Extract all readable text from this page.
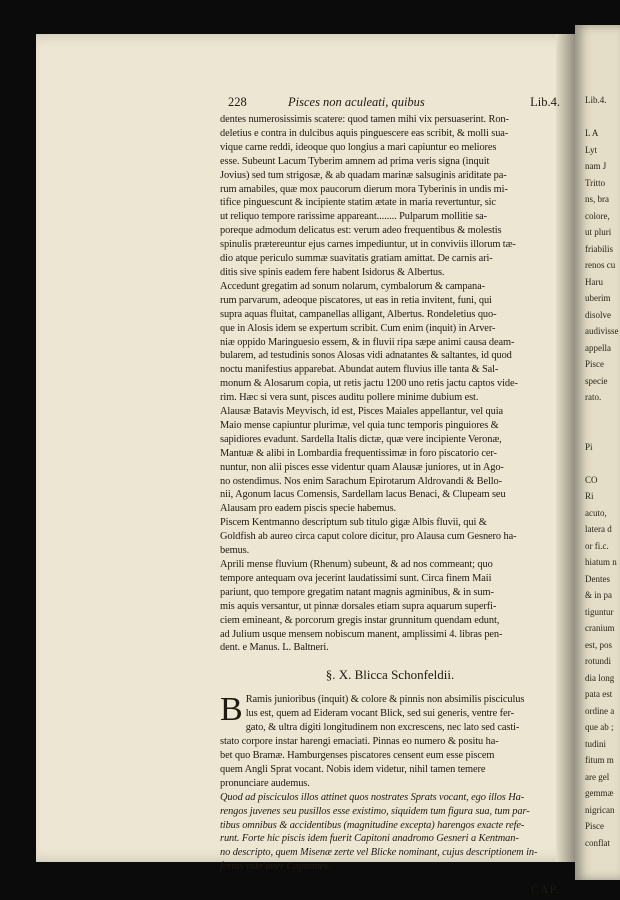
Lib.4.
L A
Lyt
nam J
Tritto
ns, bra
colore,
ut pluri
friabilis
renos cu
Haru
uberim
disolve
audivisse
appella
Pisce
specie
rato.
Pi
CO
Ri
acuto,
latera d
or fi.c.
hiatum n
Dentes
& in pa
tiguntur
cranium
est, pos
rotundi
dia long
pata est
ordine a
que ab ;
tudini
fitum m
are gel
gemmæ
nigrican
Pisce
conflat
228	Pisces non aculeati, quibus	Lib.4.
dentes numerosissimis scatere: quod tamen mihi vix persuaserint. Ron-
deletius e contra in dulcibus aquis pinguescere eas scribit, & molli sua-
vique carne reddi, ideoque quo longius a mari capiuntur eo meliores
esse. Subeunt Lacum Tyberim amnem ad prima veris signa (inquit
Jovius) sed tum strigosæ, & ab quadam marinæ salsuginis ariditate pa-
rum amabiles, quæ mox paucorum dierum mora Tyberinis in undis mi-
tifice pinguescunt & incipiente statim ætate in maria revertuntur, sic
ut reliquo tempore rarissime appareant........ Pulparum mollitie sa-
poreque admodum delicatus est: verum adeo frequentibus & molestis
spinulis prætereuntur ejus carnes impediuntur, ut in conviviis illorum tæ-
dio atque periculo summæ suavitatis gratiam amittat. De carnis ari-
ditis sive spinis eadem fere habent Isidorus & Albertus.
Accedunt gregatim ad sonum nolarum, cymbalorum & campana-
rum parvarum, adeoque piscatores, ut eas in retia invitent, funi, qui
supra aquas fluitat, campanellas alligant, Albertus. Rondeletius quo-
que in Alosis idem se expertum scribit. Cum enim (inquit) in Arver-
niæ oppido Maringuesio essem, & in fluvii ripa sæpe animi causa deam-
bularem, ad testudinis sonos Alosas vidi adnatantes & saltantes, id quod
noctu manifestius apparebat. Abundat autem fluvius ille tanta & Sal-
monum & Alosarum copia, ut retis jactu 1200 uno retis jactu captos vide-
rim. Hæc si vera sunt, pisces auditu pollere minime dubium est.
Alausæ Batavis Meyvisch, id est, Pisces Maiales appellantur, vel quia
Maio mense capiuntur plurimæ, vel quia tunc temporis pinguiores &
sapidiores evadunt. Sardella Italis dictæ, quæ vere incipiente Veronæ,
Mantuæ & alibi in Lombardia frequentissimæ in foro piscatorio cer-
nuntur, non alii pisces esse videntur quam Alausæ juniores, ut in Ago-
no ostendimus. Nos enim Sarachum Epirotarum Aldrovandi & Bello-
nii, Agonum lacus Comensis, Sardellam lacus Benaci, & Clupeam seu
Alausam pro eadem piscis specie habemus.
Piscem Kentmanno descriptum sub titulo gigæ Albis fluvii, qui &
Goldfish ab aureo circa caput colore dicitur, pro Alausa cum Gesnero ha-
bemus.
Aprili mense fluvium (Rhenum) subeunt, & ad nos commeant; quo
tempore antequam ova jecerint laudatissimi sunt. Circa finem Maii
pariunt, quo tempore gregatim natant magnis agminibus, & in sum-
mis aquis versantur, ut pinnæ dorsales etiam supra aquarum superfi-
ciem emineant, & porcorum gregis instar grunnitum quendam edunt,
ad Julium usque mensem nobiscum manent, amplissimi 4. libras pen-
dent. e Manus. L. Baltneri.
§. X. Blicca Schonfeldii.
B Ramis junioribus (inquit) & colore & pinnis non absimilis pisciculus
lus est, quem ad Eideram vocant Blick, sed sui generis, ventre fer-
gato, & ultra digiti longitudinem non excrescens, nec lato sed casti-
stato corpore instar harengi emaciati. Pinnas eo numero & positu ha-
bet quo Bramæ. Hamburgenses piscatores censent eum esse piscem
quem Angli Sprat vocant. Nobis idem videtur, nihil tamen temere
pronunciare audemus.
Quod ad pisciculos illos attinet quos nostrates Sprats vocant, ego illos Ha-
rengos juvenes seu pusillos esse existimo, siquidem tum figura sua, tum par-
tibus omnibus & accidentibus (magnitudine excepta) harengos exacte refe-
runt. Forte hic piscis idem fuerit Capitoni anadromo Gesneri a Kentman-
no descripto, quem Misenæ zerte vel Blicke nominant, cujus descriptionem in-
ferius vide inter Capitones.
CAP.
